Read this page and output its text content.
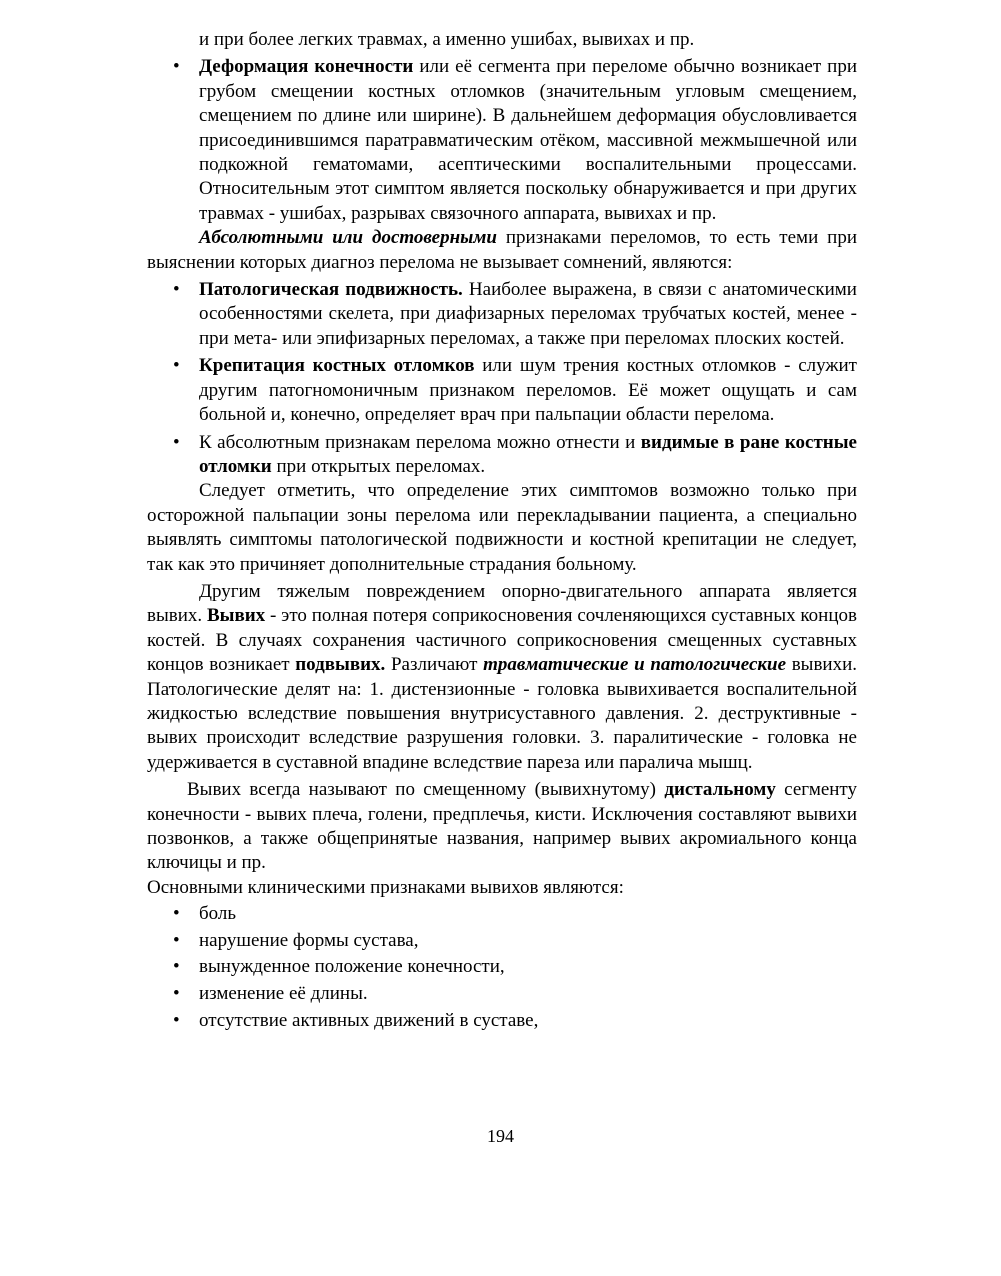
и при более легких травмах, а именно ушибах, вывихах и пр.

• Деформация конечности или её сегмента при переломе обычно возникает при грубом смещении костных отломков (значительным угловым смещением, смещением по длине или ширине). В дальнейшем деформация обусловливается присоединившимся паратравматическим отёком, массивной межмышечной или подкожной гематомами, асептическими воспалительными процессами. Относительным этот симптом является поскольку обнаруживается и при других травмах - ушибах, разрывах связочного аппарата, вывихах и пр.

Абсолютными или достоверными признаками переломов, то есть теми при выяснении которых диагноз перелома не вызывает сомнений, являются:

• Патологическая подвижность. Наиболее выражена, в связи с анатомическими особенностями скелета, при диафизарных переломах трубчатых костей, менее - при мета- или эпифизарных переломах, а также при переломах плоских костей.
• Крепитация костных отломков или шум трения костных отломков - служит другим патогномоничным признаком переломов. Её может ощущать и сам больной и, конечно, определяет врач при пальпации области перелома.
• К абсолютным признакам перелома можно отнести и видимые в ране костные отломки при открытых переломах.

Следует отметить, что определение этих симптомов возможно только при осторожной пальпации зоны перелома или перекладывании пациента, а специально выявлять симптомы патологической подвижности и костной крепитации не следует, так как это причиняет дополнительные страдания больному.

Другим тяжелым повреждением опорно-двигательного аппарата является вывих. Вывих - это полная потеря соприкосновения сочленяющихся суставных концов костей. В случаях сохранения частичного соприкосновения смещенных суставных концов возникает подвывих. Различают травматические и патологические вывихи. Патологические делят на: 1. дистензионные - головка вывихивается воспалительной жидкостью вследствие повышения внутрисуставного давления. 2. деструктивные - вывих происходит вследствие разрушения головки. 3. паралитические - головка не удерживается в суставной впадине вследствие пареза или паралича мышц.

Вывих всегда называют по смещенному (вывихнутому) дистальному сегменту конечности - вывих плеча, голени, предплечья, кисти. Исключения составляют вывихи позвонков, а также общепринятые названия, например вывих акромиального конца ключицы и пр.

Основными клиническими признаками вывихов являются:

• боль
• нарушение формы сустава,
• вынужденное положение конечности,
• изменение её длины.
• отсутствие активных движений в суставе,
194
